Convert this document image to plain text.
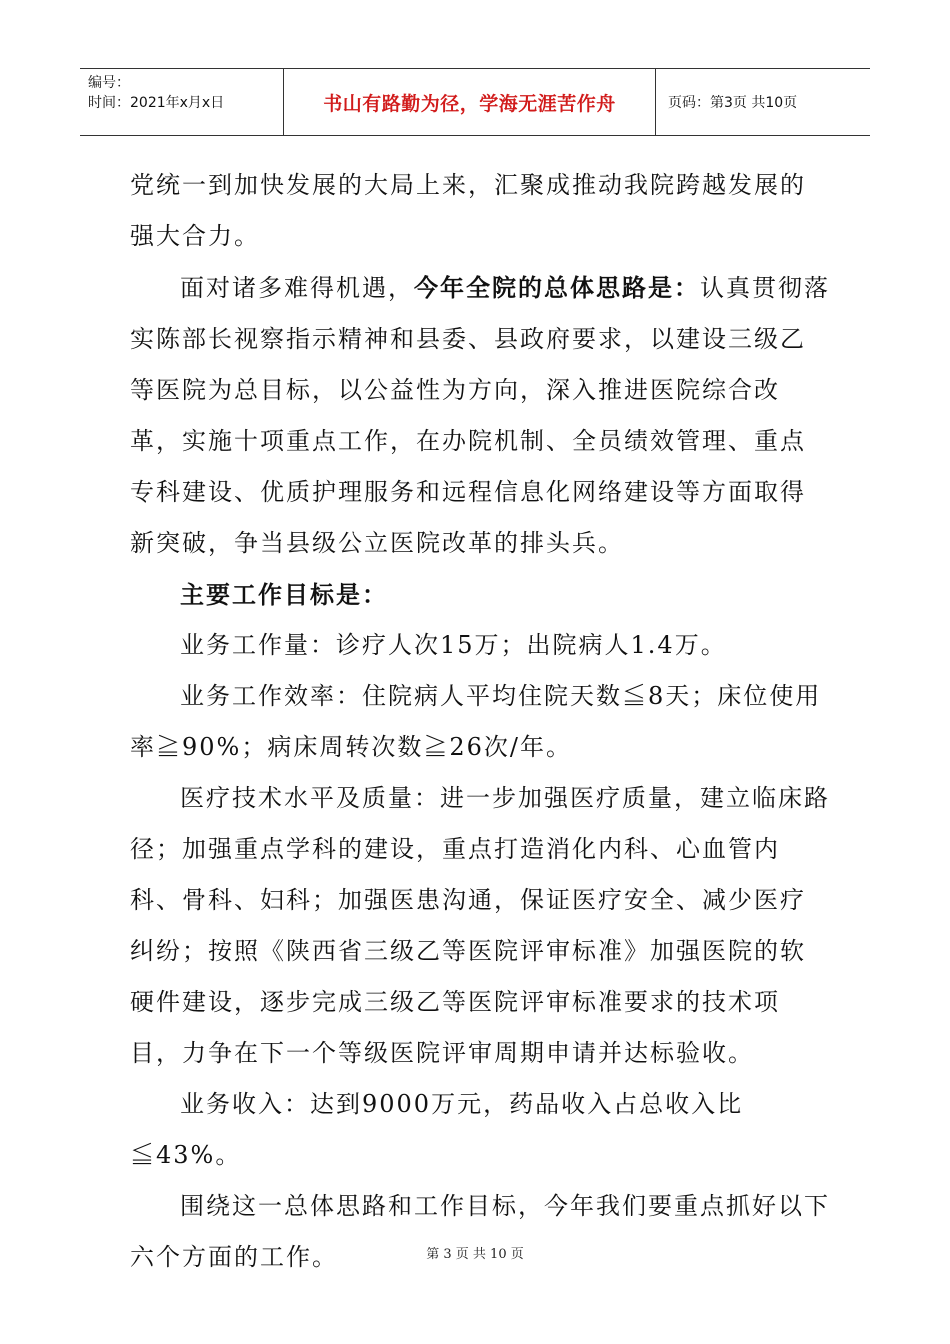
编号：
时间：2021年x月x日	书山有路勤为径，学海无涯苦作舟	页码：第3页 共10页

党统一到加快发展的大局上来，汇聚成推动我院跨越发展的强大合力。

面对诸多难得机遇，今年全院的总体思路是：认真贯彻落实陈部长视察指示精神和县委、县政府要求，以建设三级乙等医院为总目标，以公益性为方向，深入推进医院综合改革，实施十项重点工作，在办院机制、全员绩效管理、重点专科建设、优质护理服务和远程信息化网络建设等方面取得新突破，争当县级公立医院改革的排头兵。

主要工作目标是：

业务工作量：诊疗人次15万；出院病人1.4万。

业务工作效率：住院病人平均住院天数≦8天；床位使用率≧90%；病床周转次数≧26次/年。

医疗技术水平及质量：进一步加强医疗质量，建立临床路径；加强重点学科的建设，重点打造消化内科、心血管内科、骨科、妇科；加强医患沟通，保证医疗安全、减少医疗纠纷；按照《陕西省三级乙等医院评审标准》加强医院的软硬件建设，逐步完成三级乙等医院评审标准要求的技术项目，力争在下一个等级医院评审周期申请并达标验收。

业务收入：达到9000万元，药品收入占总收入比≦43%。

围绕这一总体思路和工作目标，今年我们要重点抓好以下六个方面的工作。	第 3 页 共 10 页
